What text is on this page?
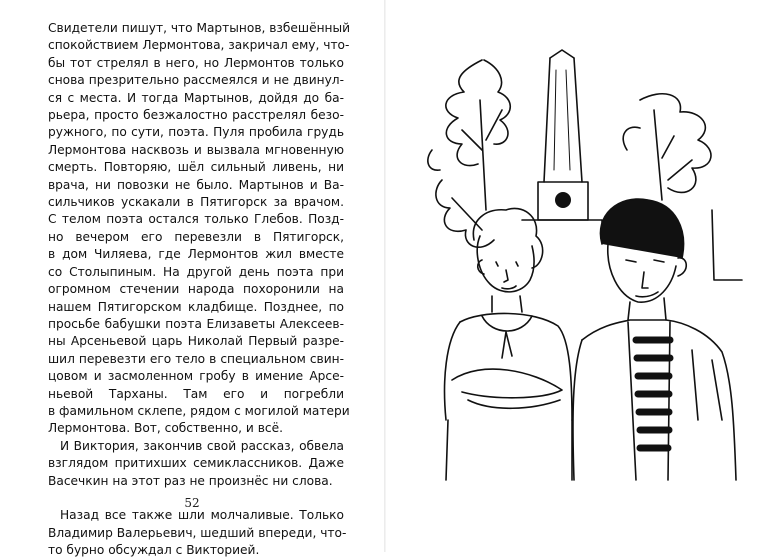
Свидетели пишут, что Мартынов, взбешённый
спокойствием Лермонтова, закричал ему, что-
бы тот стрелял в него, но Лермонтов только
снова презрительно рассмеялся и не двинул-
ся с места. И тогда Мартынов, дойдя до ба-
рьера, просто безжалостно расстрелял безо-
ружного, по сути, поэта. Пуля пробила грудь
Лермонтова насквозь и вызвала мгновенную
смерть. Повторяю, шёл сильный ливень, ни
врача, ни повозки не было. Мартынов и Ва-
сильчиков ускакали в Пятигорск за врачом.
С телом поэта остался только Глебов. Позд-
но вечером его перевезли в Пятигорск,
в дом Чиляева, где Лермонтов жил вместе
со Столыпиным. На другой день поэта при
огромном стечении народа похоронили на
нашем Пятигорском кладбище. Позднее, по
просьбе бабушки поэта Елизаветы Алексеев-
ны Арсеньевой царь Николай Первый разре-
шил перевезти его тело в специальном свин-
цовом и засмоленном гробу в имение Арсе-
ньевой Тарханы. Там его и погребли
в фамильном склепе, рядом с могилой матери
Лермонтова. Вот, собственно, и всё.
И Виктория, закончив свой рассказ, обвела
взглядом притихших семиклассников. Даже
Васечкин на этот раз не произнёс ни слова.
Назад все также шли молчаливые. Только
Владимир Валерьевич, шедший впереди, что-
то бурно обсуждал с Викторией.
52
